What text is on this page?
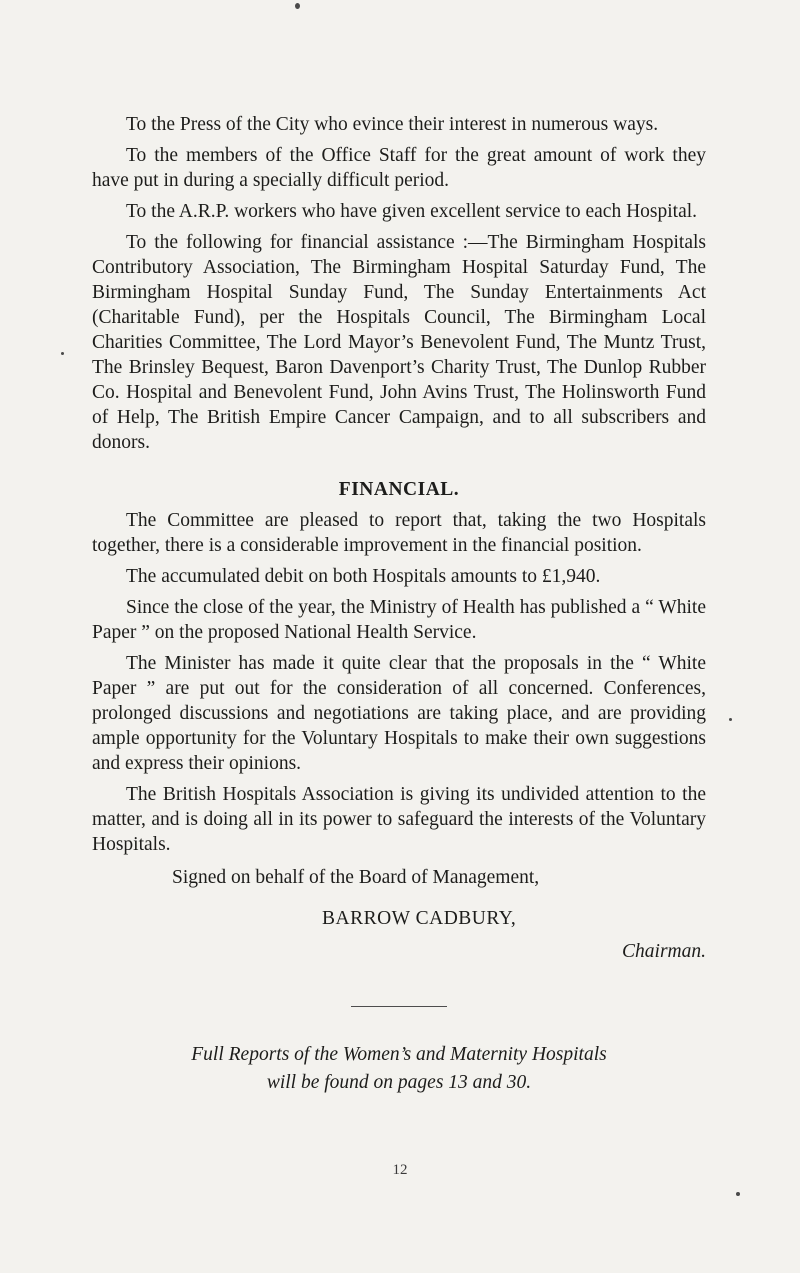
To the Press of the City who evince their interest in numerous ways.

To the members of the Office Staff for the great amount of work they have put in during a specially difficult period.

To the A.R.P. workers who have given excellent service to each Hospital.

To the following for financial assistance :—The Birmingham Hospitals Contributory Association, The Birmingham Hospital Saturday Fund, The Birmingham Hospital Sunday Fund, The Sunday Entertainments Act (Charitable Fund), per the Hospitals Council, The Birmingham Local Charities Committee, The Lord Mayor’s Benevolent Fund, The Muntz Trust, The Brinsley Bequest, Baron Davenport’s Charity Trust, The Dunlop Rubber Co. Hospital and Benevolent Fund, John Avins Trust, The Holinsworth Fund of Help, The British Empire Cancer Campaign, and to all subscribers and donors.

FINANCIAL.

The Committee are pleased to report that, taking the two Hospitals together, there is a considerable improvement in the financial position.

The accumulated debit on both Hospitals amounts to £1,940.

Since the close of the year, the Ministry of Health has published a “ White Paper ” on the proposed National Health Service.

The Minister has made it quite clear that the proposals in the “ White Paper ” are put out for the consideration of all concerned. Conferences, prolonged discussions and negotiations are taking place, and are providing ample opportunity for the Voluntary Hospitals to make their own suggestions and express their opinions.

The British Hospitals Association is giving its undivided attention to the matter, and is doing all in its power to safeguard the interests of the Voluntary Hospitals.

Signed on behalf of the Board of Management,

BARROW CADBURY,

Chairman.

Full Reports of the Women’s and Maternity Hospitals
will be found on pages 13 and 30.
12
